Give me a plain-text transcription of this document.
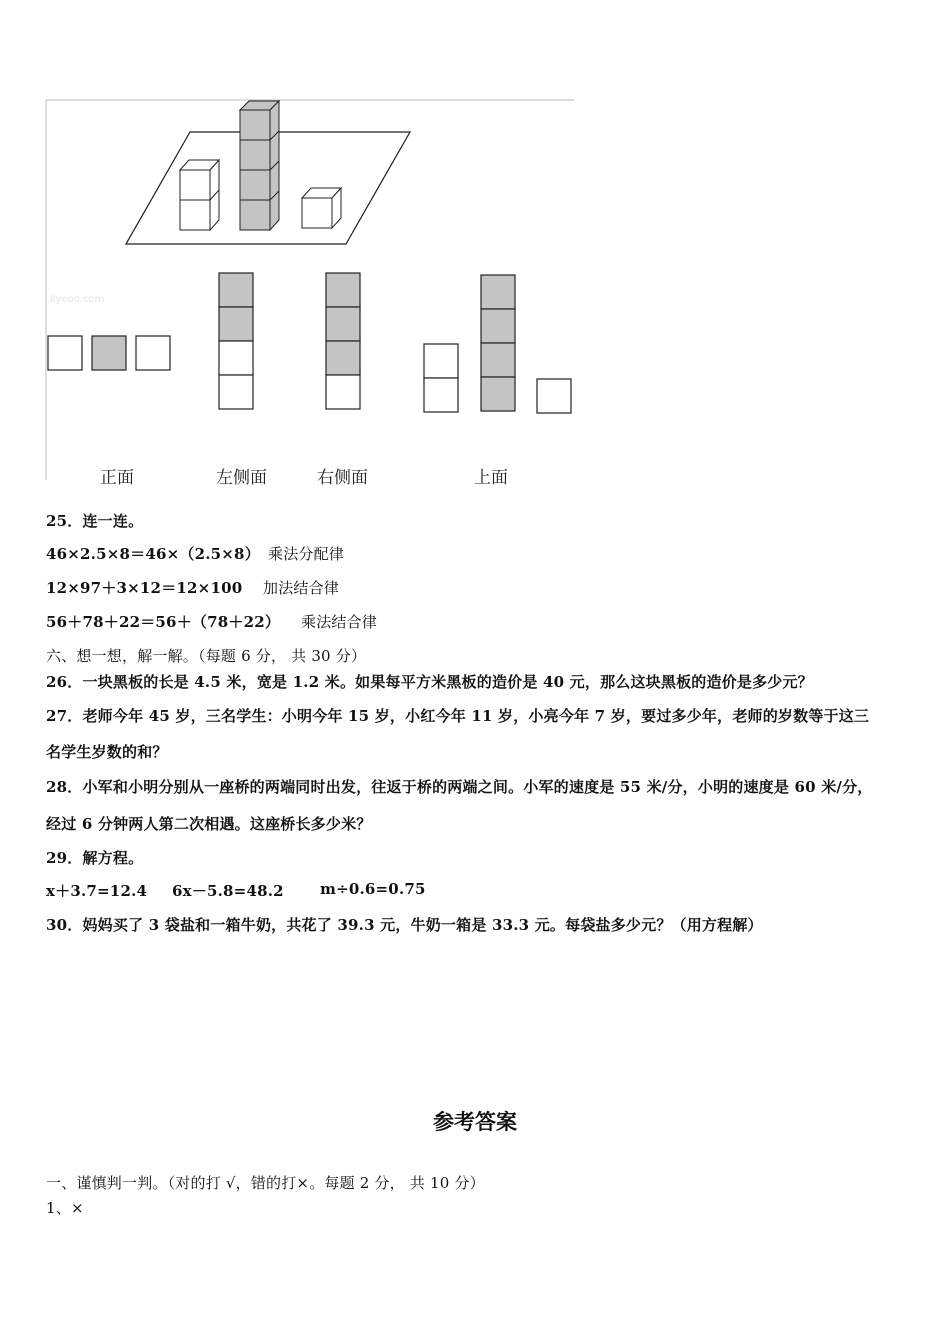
llyeoo.com
正面	左侧面	右侧面	上面
25．连一连。
46×2.5×8＝46×（2.5×8） 乘法分配律
12×97＋3×12＝12×100 加法结合律
56＋78＋22＝56＋（78＋22） 乘法结合律
六、想一想，解一解。（每题 6 分， 共 30 分）
26．一块黑板的长是 4.5 米，宽是 1.2 米。如果每平方米黑板的造价是 40 元，那么这块黑板的造价是多少元？
27．老师今年 45 岁，三名学生：小明今年 15 岁，小红今年 11 岁，小亮今年 7 岁，要过多少年，老师的岁数等于这三
名学生岁数的和？
28．小军和小明分别从一座桥的两端同时出发，往返于桥的两端之间。小军的速度是 55 米/分，小明的速度是 60 米/分，
经过 6 分钟两人第二次相遇。这座桥长多少米？
29．解方程。
x＋3.7=12.4 6x－5.8=48.2 m÷0.6=0.75
30．妈妈买了 3 袋盐和一箱牛奶，共花了 39.3 元，牛奶一箱是 33.3 元。每袋盐多少元？（用方程解）
参考答案
一、谨慎判一判。（对的打 √，错的打×。每题 2 分， 共 10 分）
1、×
